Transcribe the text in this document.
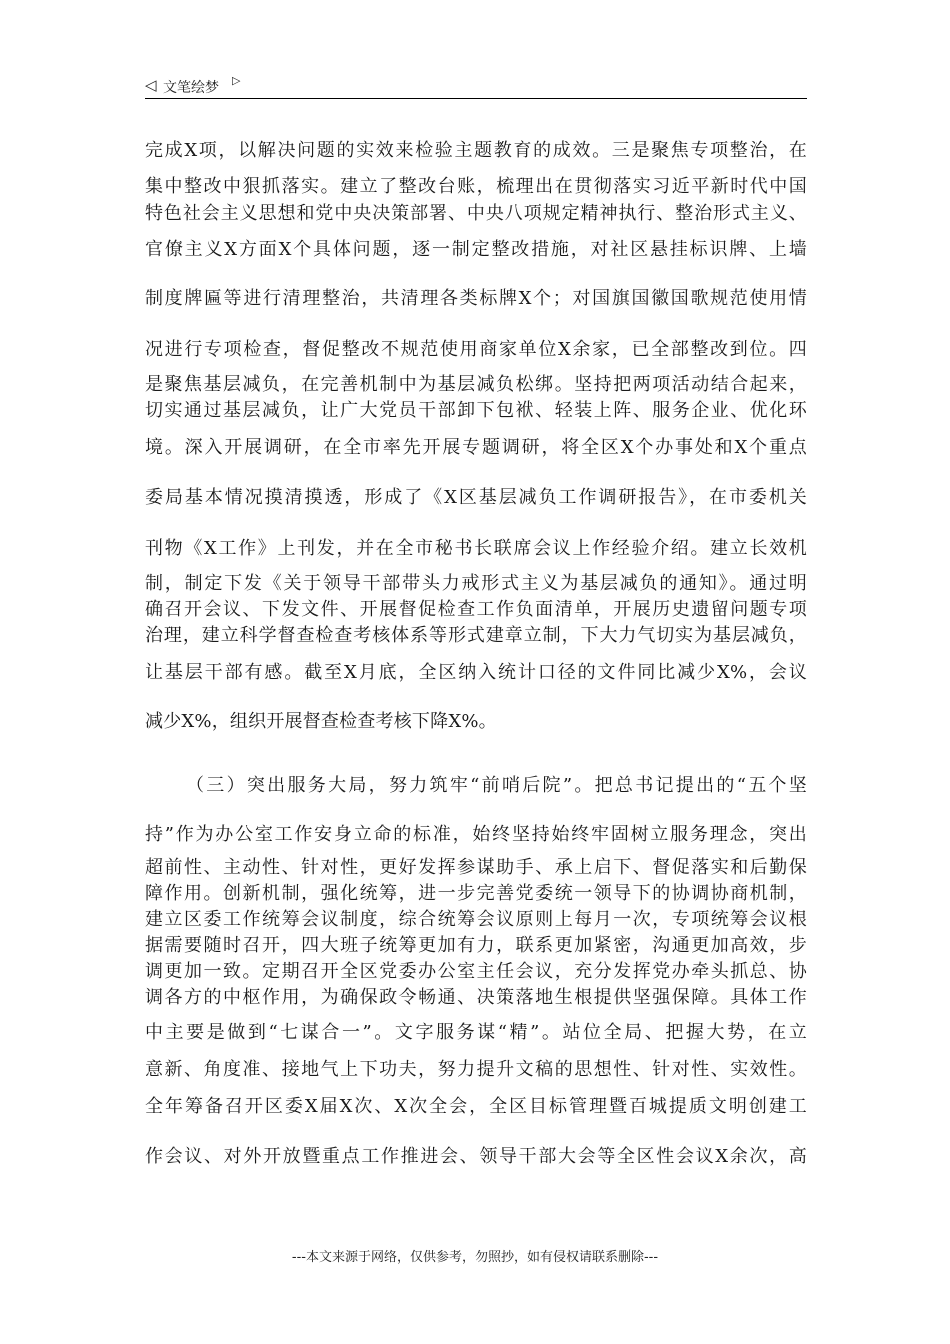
◁ 文笔绘梦 ▷
完成X项，以解决问题的实效来检验主题教育的成效。三是聚焦专项整治，在
集中整改中狠抓落实。建立了整改台账，梳理出在贯彻落实习近平新时代中国
特色社会主义思想和党中央决策部署、中央八项规定精神执行、整治形式主义、
官僚主义X方面X个具体问题，逐一制定整改措施，对社区悬挂标识牌、上墙
制度牌匾等进行清理整治，共清理各类标牌X个；对国旗国徽国歌规范使用情
况进行专项检查，督促整改不规范使用商家单位X余家，已全部整改到位。四
是聚焦基层减负，在完善机制中为基层减负松绑。坚持把两项活动结合起来，
切实通过基层减负，让广大党员干部卸下包袱、轻装上阵、服务企业、优化环
境。深入开展调研，在全市率先开展专题调研，将全区X个办事处和X个重点
委局基本情况摸清摸透，形成了《X区基层减负工作调研报告》，在市委机关
刊物《X工作》上刊发，并在全市秘书长联席会议上作经验介绍。建立长效机
制，制定下发《关于领导干部带头力戒形式主义为基层减负的通知》。通过明
确召开会议、下发文件、开展督促检查工作负面清单，开展历史遗留问题专项
治理，建立科学督查检查考核体系等形式建章立制，下大力气切实为基层减负，
让基层干部有感。截至X月底，全区纳入统计口径的文件同比减少X%，会议
减少X%，组织开展督查检查考核下降X%。
（三）突出服务大局，努力筑牢“前哨后院”。把总书记提出的“五个坚
持”作为办公室工作安身立命的标准，始终坚持始终牢固树立服务理念，突出
超前性、主动性、针对性，更好发挥参谋助手、承上启下、督促落实和后勤保
障作用。创新机制，强化统筹，进一步完善党委统一领导下的协调协商机制，
建立区委工作统筹会议制度，综合统筹会议原则上每月一次，专项统筹会议根
据需要随时召开，四大班子统筹更加有力，联系更加紧密，沟通更加高效，步
调更加一致。定期召开全区党委办公室主任会议，充分发挥党办牵头抓总、协
调各方的中枢作用，为确保政令畅通、决策落地生根提供坚强保障。具体工作
中主要是做到“七谋合一”。文字服务谋“精”。站位全局、把握大势，在立
意新、角度准、接地气上下功夫，努力提升文稿的思想性、针对性、实效性。
全年筹备召开区委X届X次、X次全会，全区目标管理暨百城提质文明创建工
作会议、对外开放暨重点工作推进会、领导干部大会等全区性会议X余次，高
---本文来源于网络，仅供参考，勿照抄，如有侵权请联系删除---
